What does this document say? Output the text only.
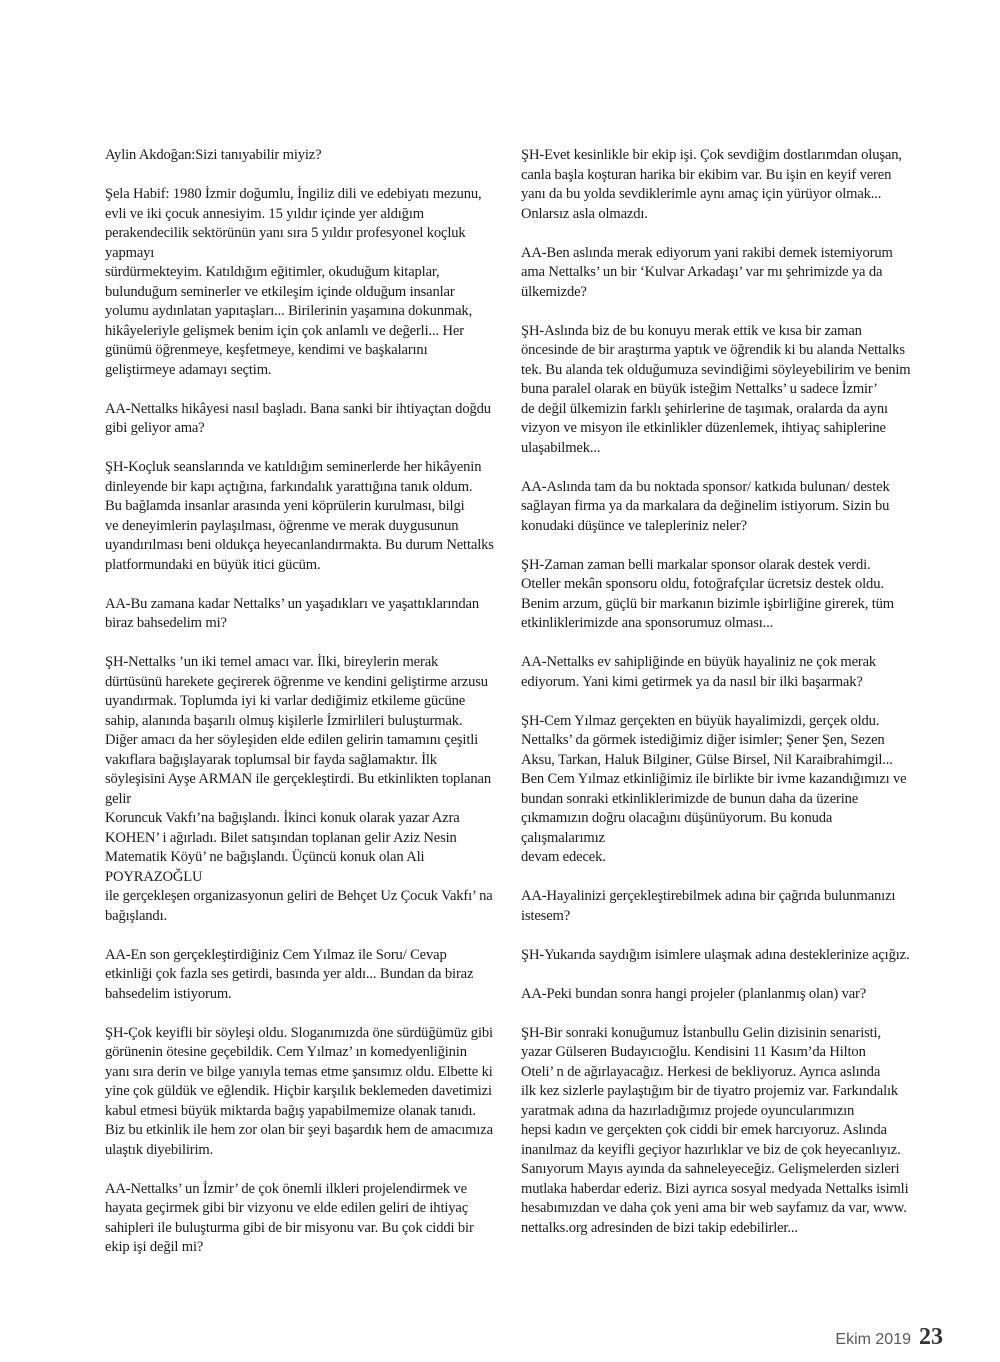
Aylin Akdoğan:Sizi tanıyabilir miyiz?

Şela Habif: 1980 İzmir doğumlu, İngiliz dili ve edebiyatı mezunu,
evli ve iki çocuk annesiyim. 15 yıldır içinde yer aldığım perakendecilik sektörünün yanı sıra 5 yıldır profesyonel koçluk yapmayı
sürdürmekteyim. Katıldığım eğitimler, okuduğum kitaplar,
bulunduğum seminerler ve etkileşim içinde olduğum insanlar
yolumu aydınlatan yapıtaşları... Birilerinin yaşamına dokunmak,
hikâyeleriyle gelişmek benim için çok anlamlı ve değerli... Her
günümü öğrenmeye, keşfetmeye, kendimi ve başkalarını geliştirmeye adamayı seçtim.

AA-Nettalks hikâyesi nasıl başladı. Bana sanki bir ihtiyaçtan doğdu
gibi geliyor ama?

ŞH-Koçluk seanslarında ve katıldığım seminerlerde her hikâyenin
dinleyende bir kapı açtığına, farkındalık yarattığına tanık oldum.
Bu bağlamda insanlar arasında yeni köprülerin kurulması, bilgi
ve deneyimlerin paylaşılması, öğrenme ve merak duygusunun
uyandırılması beni oldukça heyecanlandırmakta. Bu durum Nettalks
platformundaki en büyük itici gücüm.

AA-Bu zamana kadar Nettalks’ un yaşadıkları ve yaşattıklarından
biraz bahsedelim mi?

ŞH-Nettalks ’un iki temel amacı var. İlki, bireylerin merak
dürtüsünü harekete geçirerek öğrenme ve kendini geliştirme arzusu uyandırmak. Toplumda iyi ki varlar dediğimiz etkileme gücüne
sahip, alanında başarılı olmuş kişilerle İzmirlileri buluşturmak.
Diğer amacı da her söyleşiden elde edilen gelirin tamamını çeşitli
vakıflara bağışlayarak toplumsal bir fayda sağlamaktır. İlk söyleşisini Ayşe ARMAN ile gerçekleştirdi. Bu etkinlikten toplanan gelir
Koruncuk Vakfı’na bağışlandı. İkinci konuk olarak yazar Azra KOHEN’ i ağırladı. Bilet satışından toplanan gelir Aziz Nesin Matematik Köyü’ ne bağışlandı. Üçüncü konuk olan Ali POYRAZOĞLU
ile gerçekleşen organizasyonun geliri de Behçet Uz Çocuk Vakfı’ na
bağışlandı.

AA-En son gerçekleştirdiğiniz Cem Yılmaz ile Soru/ Cevap
etkinliği çok fazla ses getirdi, basında yer aldı... Bundan da biraz
bahsedelim istiyorum.

ŞH-Çok keyifli bir söyleşi oldu. Sloganımızda öne sürdüğümüz gibi
görünenin ötesine geçebildik. Cem Yılmaz’ ın komedyenliğinin
yanı sıra derin ve bilge yanıyla temas etme şansımız oldu. Elbette ki
yine çok güldük ve eğlendik. Hiçbir karşılık beklemeden davetimizi
kabul etmesi büyük miktarda bağış yapabilmemize olanak tanıdı.
Biz bu etkinlik ile hem zor olan bir şeyi başardık hem de amacımıza
ulaştık diyebilirim.

AA-Nettalks’ un İzmir’ de çok önemli ilkleri projelendirmek ve
hayata geçirmek gibi bir vizyonu ve elde edilen geliri de ihtiyaç
sahipleri ile buluşturma gibi de bir misyonu var. Bu çok ciddi bir
ekip işi değil mi?

ŞH-Evet kesinlikle bir ekip işi. Çok sevdiğim dostlarımdan oluşan,
canla başla koşturan harika bir ekibim var. Bu işin en keyif veren
yanı da bu yolda sevdiklerimle aynı amaç için yürüyor olmak...
Onlarsız asla olmazdı.

AA-Ben aslında merak ediyorum yani rakibi demek istemiyorum
ama Nettalks’ un bir ‘Kulvar Arkadaşı’ var mı şehrimizde ya da
ülkemizde?

ŞH-Aslında biz de bu konuyu merak ettik ve kısa bir zaman öncesinde de bir araştırma yaptık ve öğrendik ki bu alanda Nettalks
tek. Bu alanda tek olduğumuza sevindiğimi söyleyebilirim ve benim
buna paralel olarak en büyük isteğim Nettalks’ u sadece İzmir’
de değil ülkemizin farklı şehirlerine de taşımak, oralarda da aynı
vizyon ve misyon ile etkinlikler düzenlemek, ihtiyaç sahiplerine
ulaşabilmek...

AA-Aslında tam da bu noktada sponsor/ katkıda bulunan/ destek
sağlayan firma ya da markalara da değinelim istiyorum. Sizin bu
konudaki düşünce ve talepleriniz neler?

ŞH-Zaman zaman belli markalar sponsor olarak destek verdi.
Oteller mekân sponsoru oldu, fotoğrafçılar ücretsiz destek oldu.
Benim arzum, güçlü bir markanın bizimle işbirliğine girerek, tüm
etkinliklerimizde ana sponsorumuz olması...

AA-Nettalks ev sahipliğinde en büyük hayaliniz ne çok merak ediyorum. Yani kimi getirmek ya da nasıl bir ilki başarmak?

ŞH-Cem Yılmaz gerçekten en büyük hayalimizdi, gerçek oldu.
Nettalks’ da görmek istediğimiz diğer isimler; Şener Şen, Sezen
Aksu, Tarkan, Haluk Bilginer, Gülse Birsel, Nil Karaibrahimgil...
Ben Cem Yılmaz etkinliğimiz ile birlikte bir ivme kazandığımızı ve
bundan sonraki etkinliklerimizde de bunun daha da üzerine çıkmamızın doğru olacağını düşünüyorum. Bu konuda çalışmalarımız
devam edecek.

AA-Hayalinizi gerçekleştirebilmek adına bir çağrıda bulunmanızı
istesem?

ŞH-Yukarıda saydığım isimlere ulaşmak adına desteklerinize açığız.

AA-Peki bundan sonra hangi projeler (planlanmış olan) var?

ŞH-Bir sonraki konuğumuz İstanbullu Gelin dizisinin senaristi,
yazar Gülseren Budayıcıoğlu. Kendisini 11 Kasım’da Hilton
Oteli’ n de ağırlayacağız. Herkesi de bekliyoruz. Ayrıca aslında
ilk kez sizlerle paylaştığım bir de tiyatro projemiz var. Farkındalık yaratmak adına da hazırladığımız projede oyuncularımızın
hepsi kadın ve gerçekten çok ciddi bir emek harcıyoruz. Aslında
inanılmaz da keyifli geçiyor hazırlıklar ve biz de çok heyecanlıyız.
Sanıyorum Mayıs ayında da sahneleyeceğiz. Gelişmelerden sizleri
mutlaka haberdar ederiz. Bizi ayrıca sosyal medyada Nettalks isimli
hesabımızdan ve daha çok yeni ama bir web sayfamız da var, www.
nettalks.org adresinden de bizi takip edebilirler...

Ekim 2019 23
